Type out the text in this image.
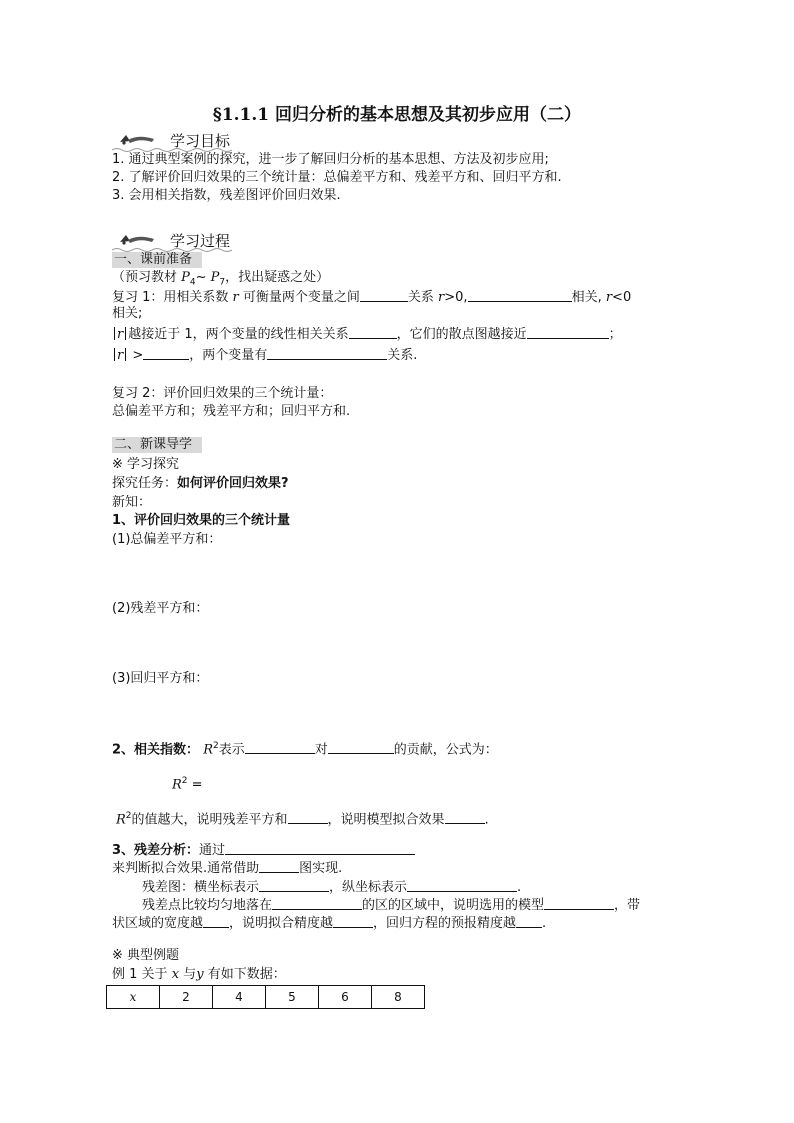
§1.1.1 回归分析的基本思想及其初步应用（二）
学习目标
1. 通过典型案例的探究，进一步了解回归分析的基本思想、方法及初步应用;
2. 了解评价回归效果的三个统计量：总偏差平方和、残差平方和、回归平方和.
3. 会用相关指数，残差图评价回归效果.
学习过程
一、课前准备
（预习教材 $P_4\sim$ $P_7$，找出疑惑之处）
复习 1：用相关系数 r 可衡量两个变量之间	关系 r>0,	相关, r<0
相关;
r 越接近于 1，两个变量的线性相关关系	，它们的散点图越接近	；
r >	，两个变量有	关系.
复习 2：评价回归效果的三个统计量：
总偏差平方和；残差平方和；回归平方和.
二、新课导学
※ 学习探究
探究任务：如何评价回归效果?
新知：
1、评价回归效果的三个统计量
(1)总偏差平方和：
(2)残差平方和：
(3)回归平方和：
2、相关指数： $R^2$表示	对	的贡献，公式为：
$R^2$ =
$R^2$的值越大，说明残差平方和	，说明模型拟合效果	.
3、残差分析：通过
来判断拟合效果.通常借助	图实现.
残差图：横坐标表示	，纵坐标表示	.
残差点比较均匀地落在	的区的区域中，说明选用的模型	，带
状区域的宽度越 ，说明拟合精度越	，回归方程的预报精度越 .
※ 典型例题
例 1 关于 x 与y 有如下数据：
x	2	4	5	6	8
